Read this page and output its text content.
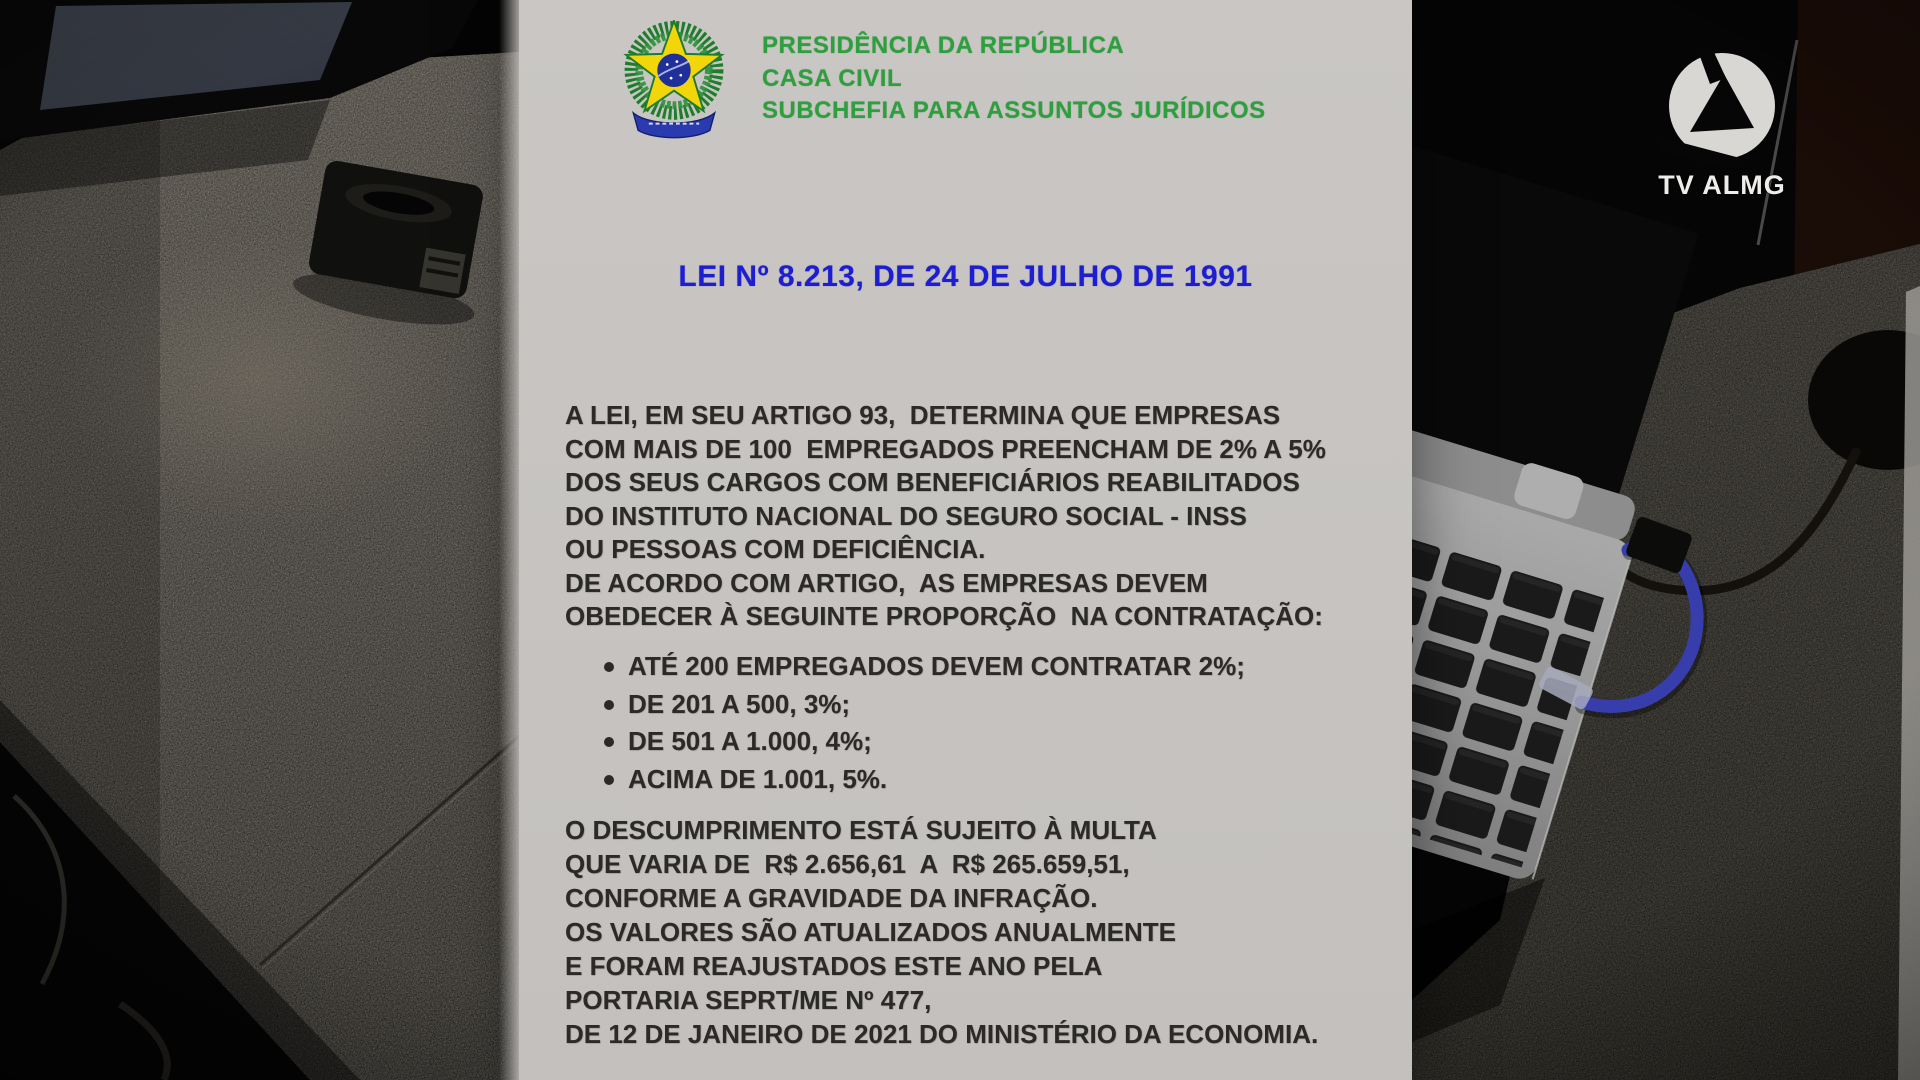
PRESIDÊNCIA DA REPÚBLICA
CASA CIVIL
SUBCHEFIA PARA ASSUNTOS JURÍDICOS
LEI Nº 8.213, DE 24 DE JULHO DE 1991
A LEI, EM SEU ARTIGO 93,  DETERMINA QUE EMPRESAS
COM MAIS DE 100  EMPREGADOS PREENCHAM DE 2% A 5%
DOS SEUS CARGOS COM BENEFICIÁRIOS REABILITADOS
DO INSTITUTO NACIONAL DO SEGURO SOCIAL - INSS
OU PESSOAS COM DEFICIÊNCIA.
DE ACORDO COM ARTIGO,  AS EMPRESAS DEVEM
OBEDECER À SEGUINTE PROPORÇÃO  NA CONTRATAÇÃO:
ATÉ 200 EMPREGADOS DEVEM CONTRATAR 2%;
DE 201 A 500, 3%;
DE 501 A 1.000, 4%;
ACIMA DE 1.001, 5%.
O DESCUMPRIMENTO ESTÁ SUJEITO À MULTA
QUE VARIA DE  R$ 2.656,61  A  R$ 265.659,51,
CONFORME A GRAVIDADE DA INFRAÇÃO.
OS VALORES SÃO ATUALIZADOS ANUALMENTE
E FORAM REAJUSTADOS ESTE ANO PELA
PORTARIA SEPRT/ME Nº 477,
DE 12 DE JANEIRO DE 2021 DO MINISTÉRIO DA ECONOMIA.
TV ALMG
